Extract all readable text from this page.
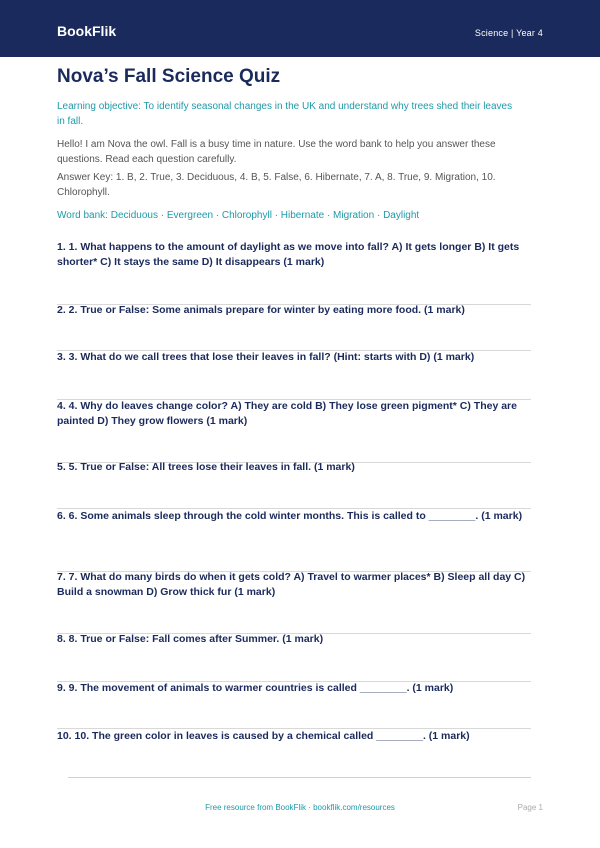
BookFlik	Science | Year 4
Nova’s Fall Science Quiz

Learning objective: To identify seasonal changes in the UK and understand why trees shed their leaves in fall.

Hello! I am Nova the owl. Fall is a busy time in nature. Use the word bank to help you answer these questions. Read each question carefully.

Answer Key: 1. B, 2. True, 3. Deciduous, 4. B, 5. False, 6. Hibernate, 7. A, 8. True, 9. Migration, 10. Chlorophyll.

Word bank: Deciduous · Evergreen · Chlorophyll · Hibernate · Migration · Daylight

1. 1. What happens to the amount of daylight as we move into fall? A) It gets longer B) It gets shorter* C) It stays the same D) It disappears (1 mark)

2. 2. True or False: Some animals prepare for winter by eating more food. (1 mark)

3. 3. What do we call trees that lose their leaves in fall? (Hint: starts with D) (1 mark)

4. 4. Why do leaves change color? A) They are cold B) They lose green pigment* C) They are painted D) They grow flowers (1 mark)

5. 5. True or False: All trees lose their leaves in fall. (1 mark)

6. 6. Some animals sleep through the cold winter months. This is called to ________. (1 mark)

7. 7. What do many birds do when it gets cold? A) Travel to warmer places* B) Sleep all day C) Build a snowman D) Grow thick fur (1 mark)

8. 8. True or False: Fall comes after Summer. (1 mark)

9. 9. The movement of animals to warmer countries is called ________. (1 mark)

10. 10. The green color in leaves is caused by a chemical called ________. (1 mark)

Free resource from BookFlik · bookflik.com/resources	Page 1
